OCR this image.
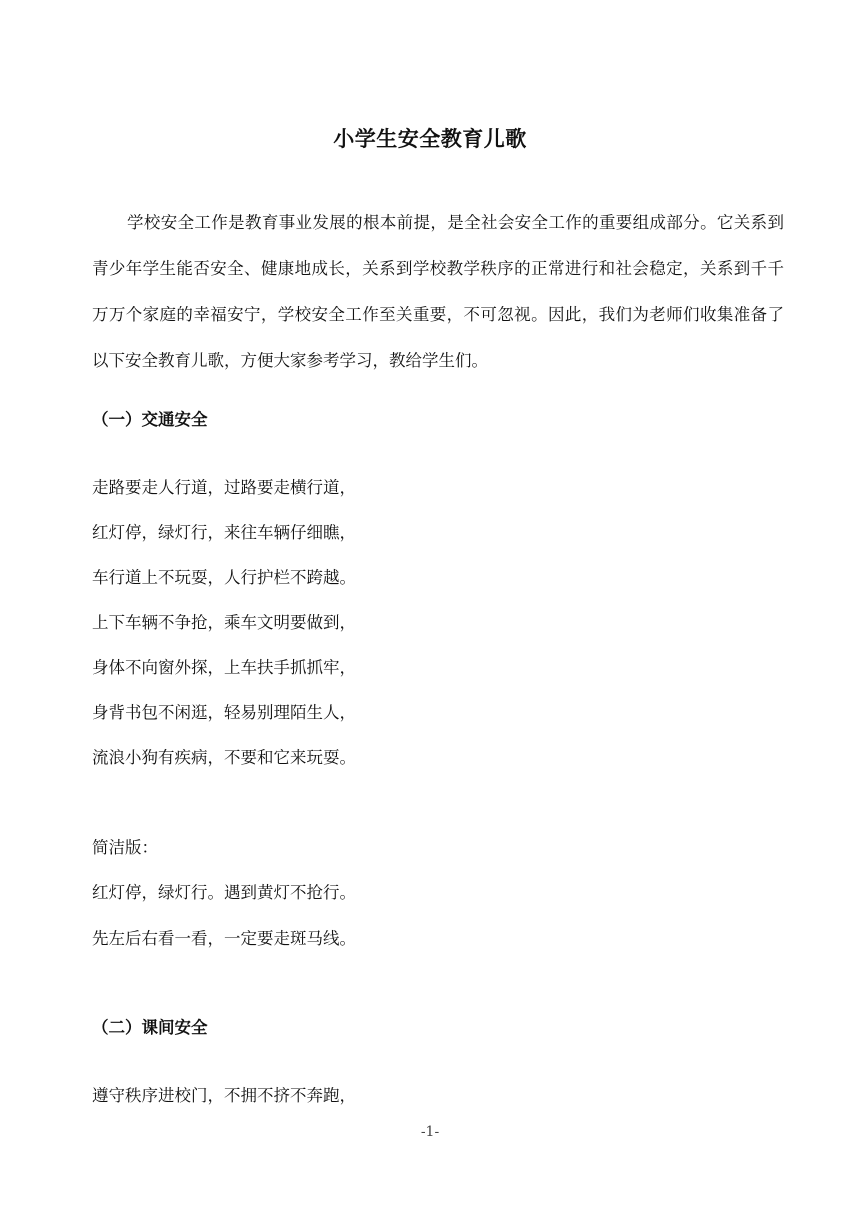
小学生安全教育儿歌

学校安全工作是教育事业发展的根本前提，是全社会安全工作的重要组成部分。它关系到青少年学生能否安全、健康地成长，关系到学校教学秩序的正常进行和社会稳定，关系到千千万万个家庭的幸福安宁，学校安全工作至关重要，不可忽视。因此，我们为老师们收集准备了以下安全教育儿歌，方便大家参考学习，教给学生们。

（一）交通安全

走路要走人行道，过路要走横行道，

红灯停，绿灯行，来往车辆仔细瞧，

车行道上不玩耍，人行护栏不跨越。

上下车辆不争抢，乘车文明要做到，

身体不向窗外探，上车扶手抓抓牢，

身背书包不闲逛，轻易别理陌生人，

流浪小狗有疾病，不要和它来玩耍。

简洁版：

红灯停，绿灯行。遇到黄灯不抢行。

先左后右看一看，一定要走斑马线。

（二）课间安全

遵守秩序进校门，不拥不挤不奔跑，

-1-
